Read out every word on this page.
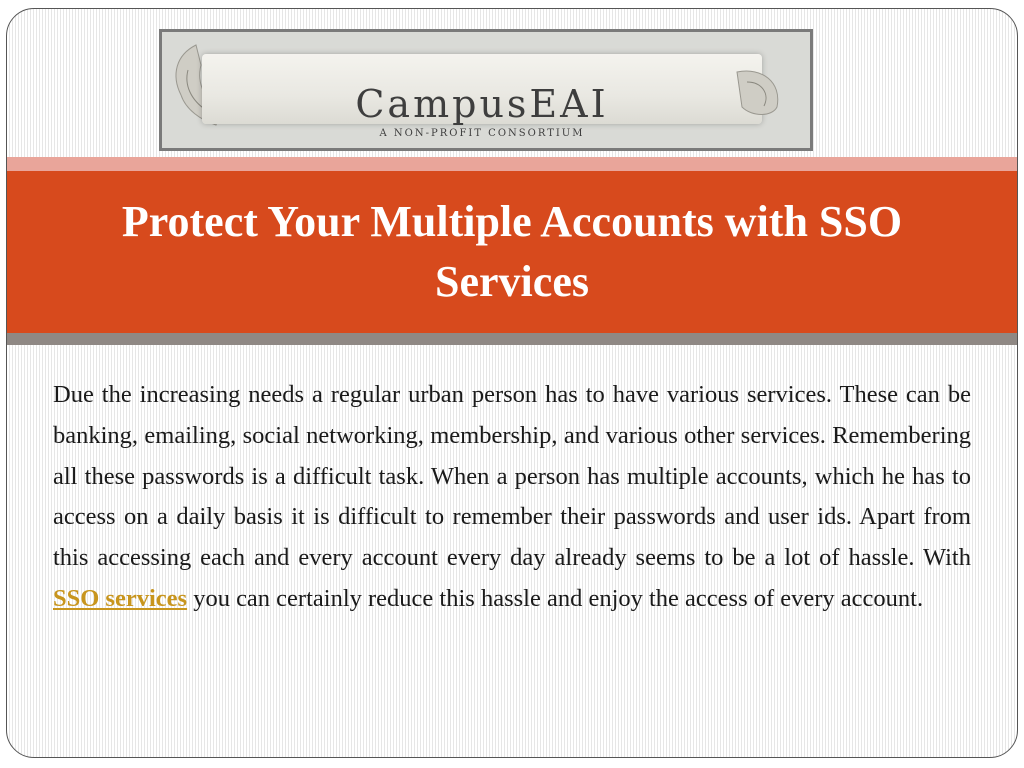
CampusEAI
A NON-PROFIT CONSORTIUM
Protect Your Multiple Accounts with SSO Services

Due the increasing needs a regular urban person has to have various services. These can be banking, emailing, social networking, membership, and various other services. Remembering all these passwords is a difficult task. When a person has multiple accounts, which he has to access on a daily basis it is difficult to remember their passwords and user ids. Apart from this accessing each and every account every day already seems to be a lot of hassle. With SSO services you can certainly reduce this hassle and enjoy the access of every account.
